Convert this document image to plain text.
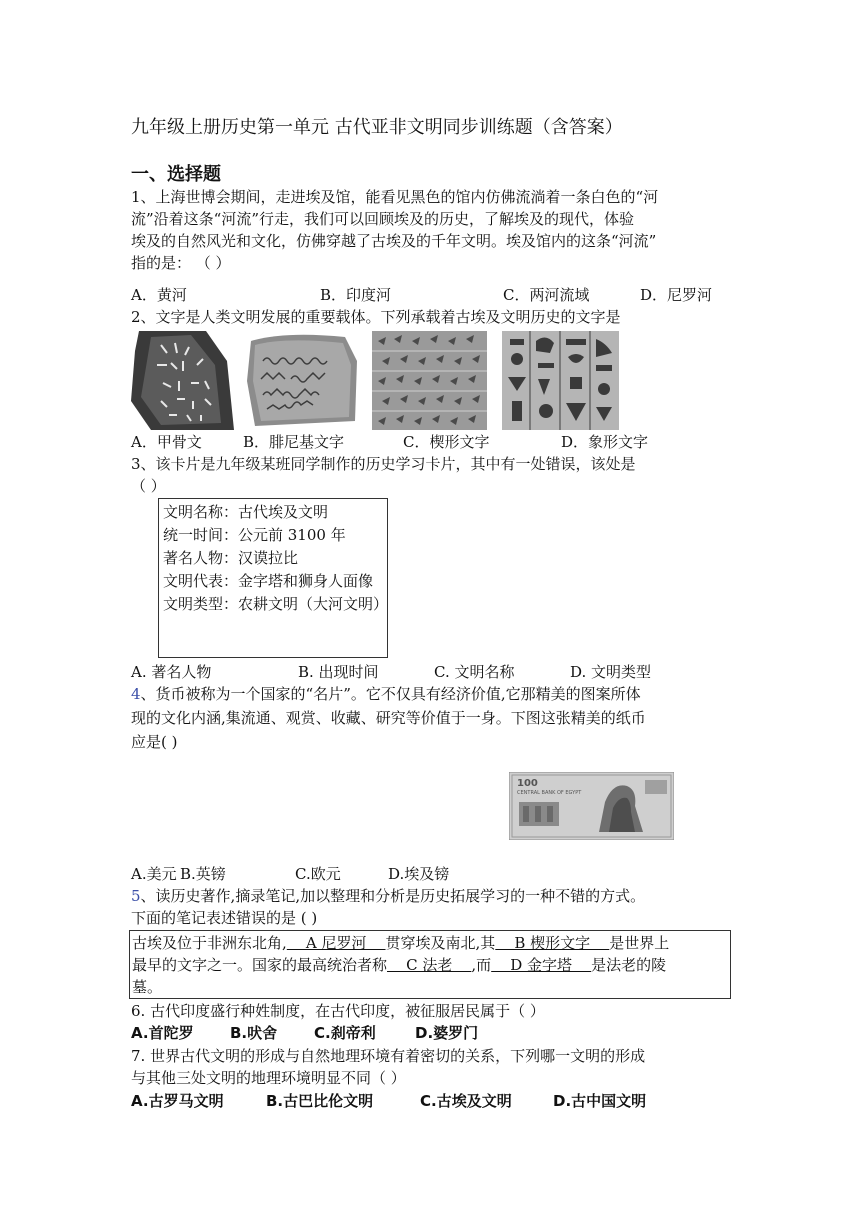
九年级上册历史第一单元 古代亚非文明同步训练题（含答案）
一、选择题
1、上海世博会期间，走进埃及馆，能看见黑色的馆内仿佛流淌着一条白色的“河
流”沿着这条“河流”行走，我们可以回顾埃及的历史，了解埃及的现代，体验
埃及的自然风光和文化，仿佛穿越了古埃及的千年文明。埃及馆内的这条“河流”
指的是： （ ）
A．黄河	B．印度河	C．两河流域	D．尼罗河
2、文字是人类文明发展的重要载体。下列承载着古埃及文明历史的文字是
A．甲骨文	B．腓尼基文字	C．楔形文字	D．象形文字
3、该卡片是九年级某班同学制作的历史学习卡片，其中有一处错误，该处是
（ ）
文明名称：古代埃及文明
统一时间：公元前 3100 年
著名人物：汉谟拉比
文明代表：金字塔和狮身人面像
文明类型：农耕文明（大河文明）
A. 著名人物	B. 出现时间	C. 文明名称	D. 文明类型
4、货币被称为一个国家的“名片”。它不仅具有经济价值,它那精美的图案所体
现的文化内涵,集流通、观赏、收藏、研究等价值于一身。下图这张精美的纸币
应是( )
100
CENTRAL BANK OF EGYPT
A.美元 B.英镑	C.欧元	D.埃及镑
5、读历史著作,摘录笔记,加以整理和分析是历史拓展学习的一种不错的方式。
下面的笔记表述错误的是 ( )
古埃及位于非洲东北角,    A 尼罗河    贯穿埃及南北,其    B 楔形文字    是世界上
最早的文字之一。国家的最高统治者称    C 法老    ,而    D 金字塔    是法老的陵
墓。
6. 古代印度盛行种姓制度，在古代印度，被征服居民属于（ ）
A.首陀罗 B.吠舍 C.刹帝利	D.婆罗门
7. 世界古代文明的形成与自然地理环境有着密切的关系，下列哪一文明的形成
与其他三处文明的地理环境明显不同（ ）
A.古罗马文明	B.古巴比伦文明	C.古埃及文明	D.古中国文明
